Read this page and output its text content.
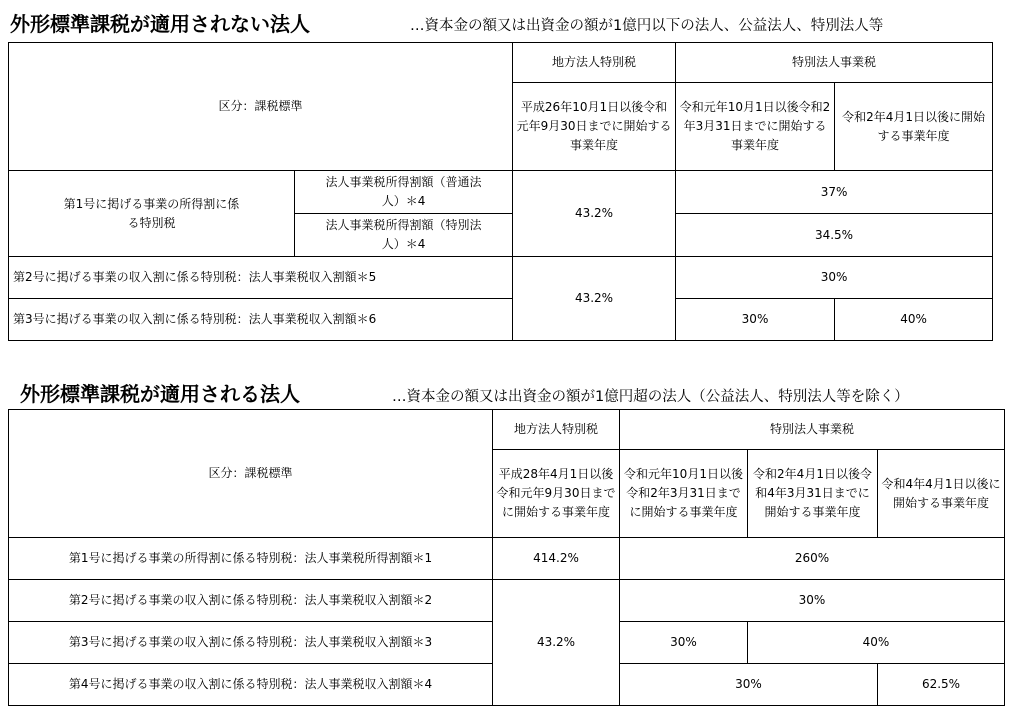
外形標準課税が適用されない法人	…資本金の額又は出資金の額が1億円以下の法人、公益法人、特別法人等
区分：課税標準		地方法人特別税	特別法人事業税	
		平成26年10月1日以後令和元年9月30日までに開始する事業年度	令和元年10月1日以後令和2年3月31日までに開始する事業年度	令和2年4月1日以後に開始する事業年度
第1号に掲げる事業の所得割に係る特別税	法人事業税所得割額（普通法人）＊4	43.2%	37%	
	法人事業税所得割額（特別法人）＊4		34.5%	
第2号に掲げる事業の収入割に係る特別税：法人事業税収入割額＊5		43.2%	30%	
第3号に掲げる事業の収入割に係る特別税：法人事業税収入割額＊6			30%	40%
外形標準課税が適用される法人	…資本金の額又は出資金の額が1億円超の法人（公益法人、特別法人等を除く）
区分：課税標準	地方法人特別税	特別法人事業税		
	平成28年4月1日以後令和元年9月30日までに開始する事業年度	令和元年10月1日以後令和2年3月31日までに開始する事業年度	令和2年4月1日以後令和4年3月31日までに開始する事業年度	令和4年4月1日以後に開始する事業年度
第1号に掲げる事業の所得割に係る特別税：法人事業税所得割額＊1	414.2%	260%		
第2号に掲げる事業の収入割に係る特別税：法人事業税収入割額＊2	43.2%	30%		
第3号に掲げる事業の収入割に係る特別税：法人事業税収入割額＊3		30%	40%	
第4号に掲げる事業の収入割に係る特別税：法人事業税収入割額＊4		30%		62.5%
